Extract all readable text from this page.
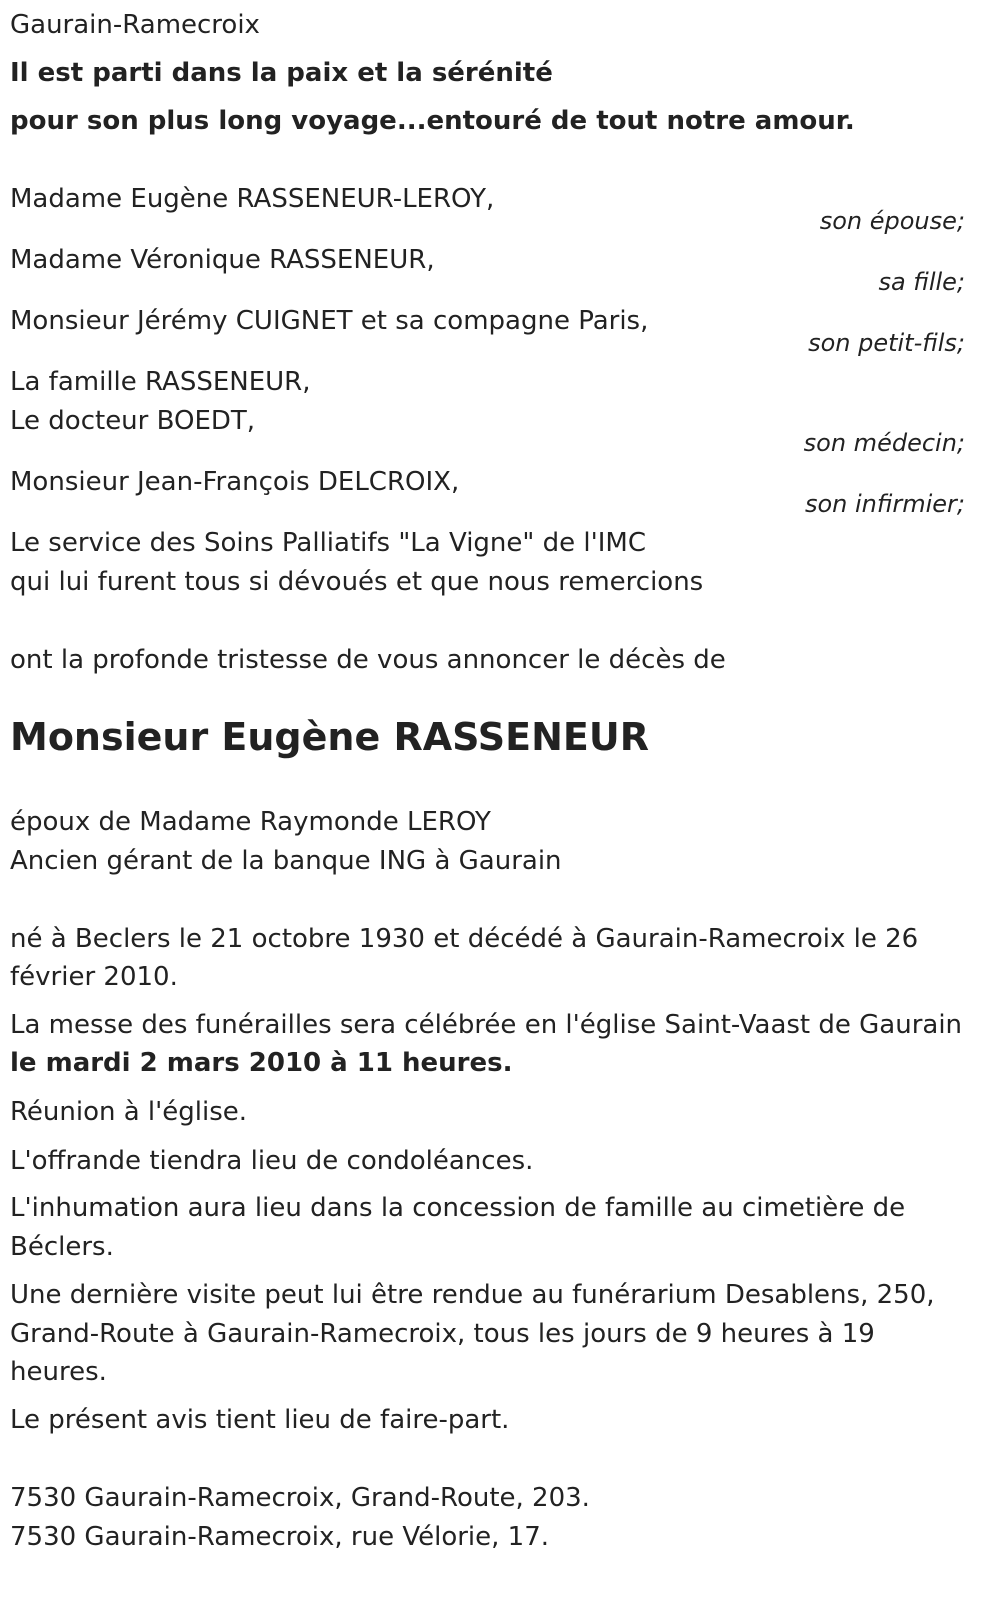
Gaurain-Ramecroix
Il est parti dans la paix et la sérénité
pour son plus long voyage...entouré de tout notre amour.
Madame Eugène RASSENEUR-LEROY,
son épouse;
Madame Véronique RASSENEUR,
sa fille;
Monsieur Jérémy CUIGNET et sa compagne Paris,
son petit-fils;
La famille RASSENEUR,
Le docteur BOEDT,
son médecin;
Monsieur Jean-François DELCROIX,
son infirmier;
Le service des Soins Palliatifs "La Vigne" de l'IMC
qui lui furent tous si dévoués et que nous remercions
ont la profonde tristesse de vous annoncer le décès de
Monsieur Eugène RASSENEUR
époux de Madame Raymonde LEROY
Ancien gérant de la banque ING à Gaurain
né à Beclers le 21 octobre 1930 et décédé à Gaurain-Ramecroix le 26
février 2010.
La messe des funérailles sera célébrée en l'église Saint-Vaast de Gaurain
le mardi 2 mars 2010 à 11 heures.
Réunion à l'église.
L'offrande tiendra lieu de condoléances.
L'inhumation aura lieu dans la concession de famille au cimetière de
Béclers.
Une dernière visite peut lui être rendue au funérarium Desablens, 250,
Grand-Route à Gaurain-Ramecroix, tous les jours de 9 heures à 19
heures.
Le présent avis tient lieu de faire-part.
7530 Gaurain-Ramecroix, Grand-Route, 203.
7530 Gaurain-Ramecroix, rue Vélorie, 17.
